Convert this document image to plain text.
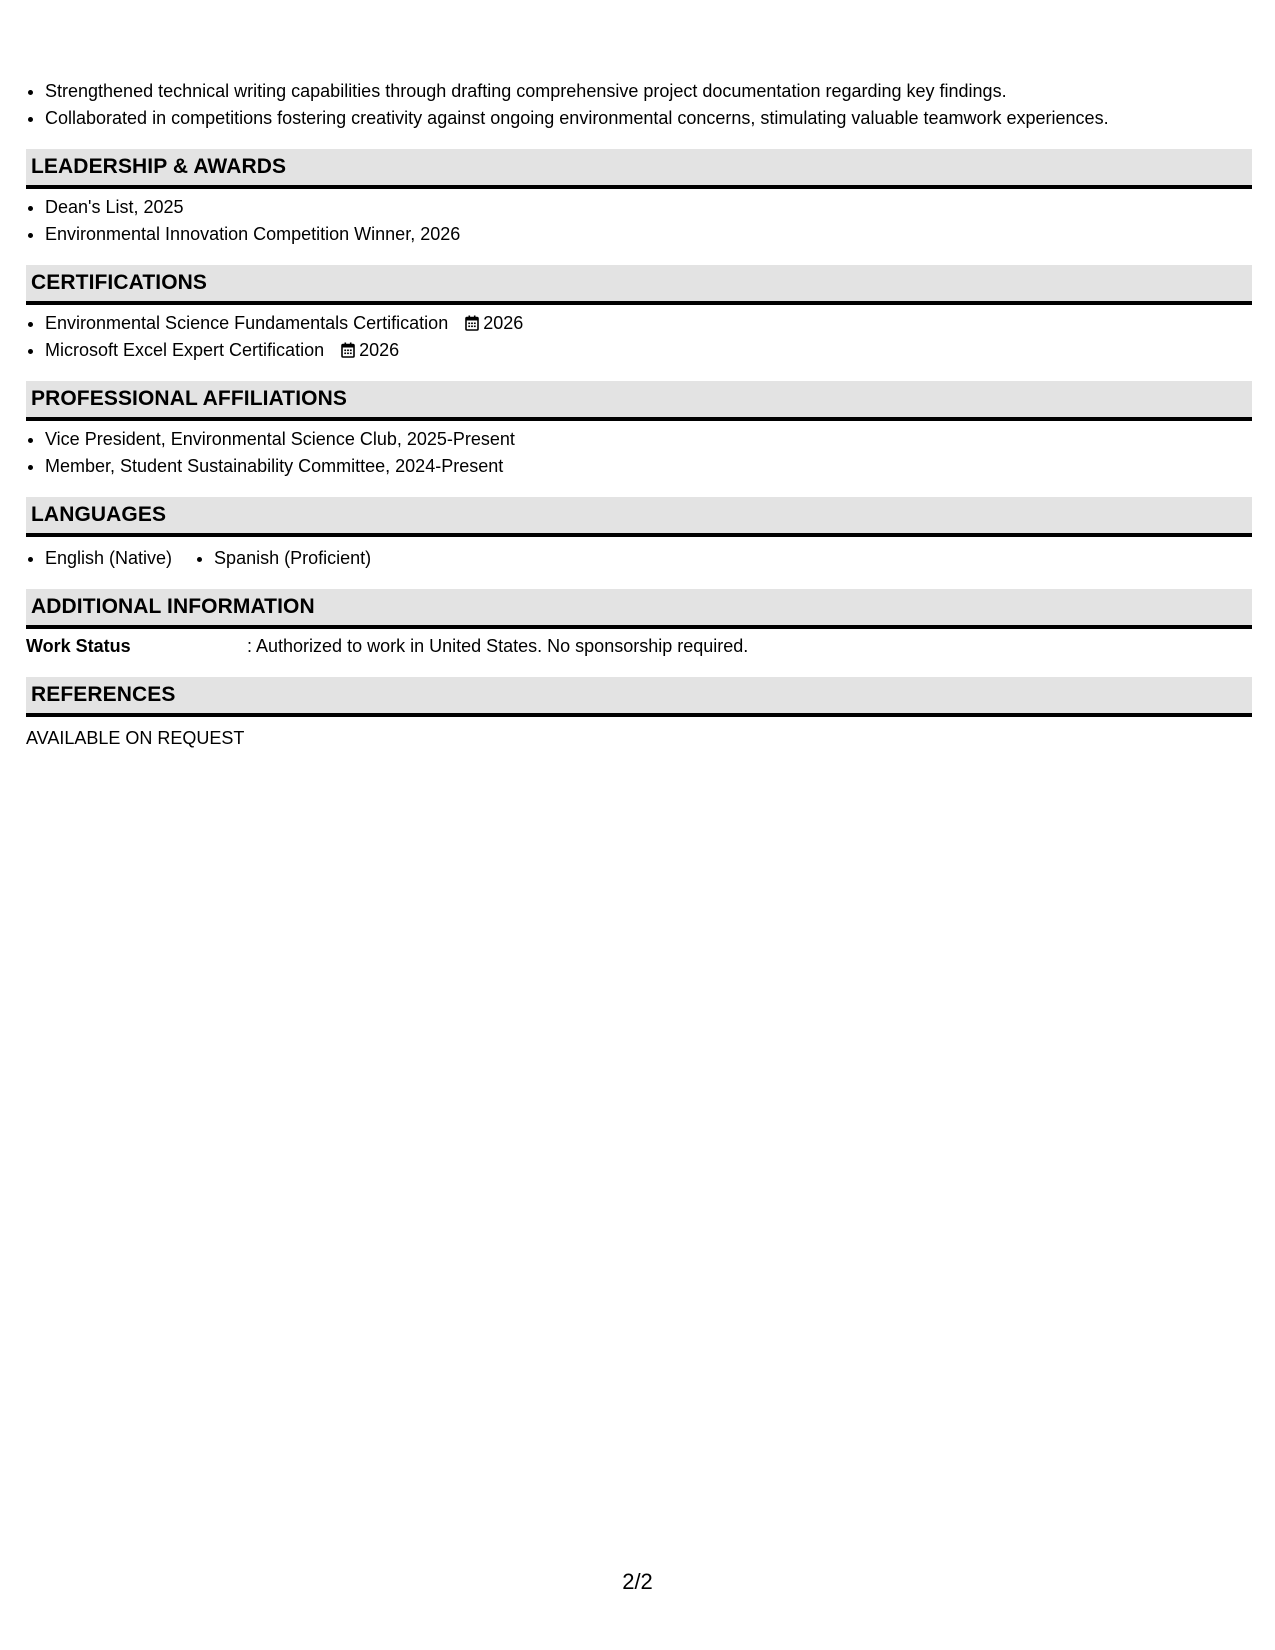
• Strengthened technical writing capabilities through drafting comprehensive project documentation regarding key findings.
• Collaborated in competitions fostering creativity against ongoing environmental concerns, stimulating valuable teamwork experiences.
LEADERSHIP & AWARDS
• Dean's List, 2025
• Environmental Innovation Competition Winner, 2026
CERTIFICATIONS
• Environmental Science Fundamentals Certification 2026
• Microsoft Excel Expert Certification 2026
PROFESSIONAL AFFILIATIONS
• Vice President, Environmental Science Club, 2025-Present
• Member, Student Sustainability Committee, 2024-Present
LANGUAGES
• English (Native)
• Spanish (Proficient)
ADDITIONAL INFORMATION
Work Status	: Authorized to work in United States. No sponsorship required.
REFERENCES
AVAILABLE ON REQUEST
2/2
